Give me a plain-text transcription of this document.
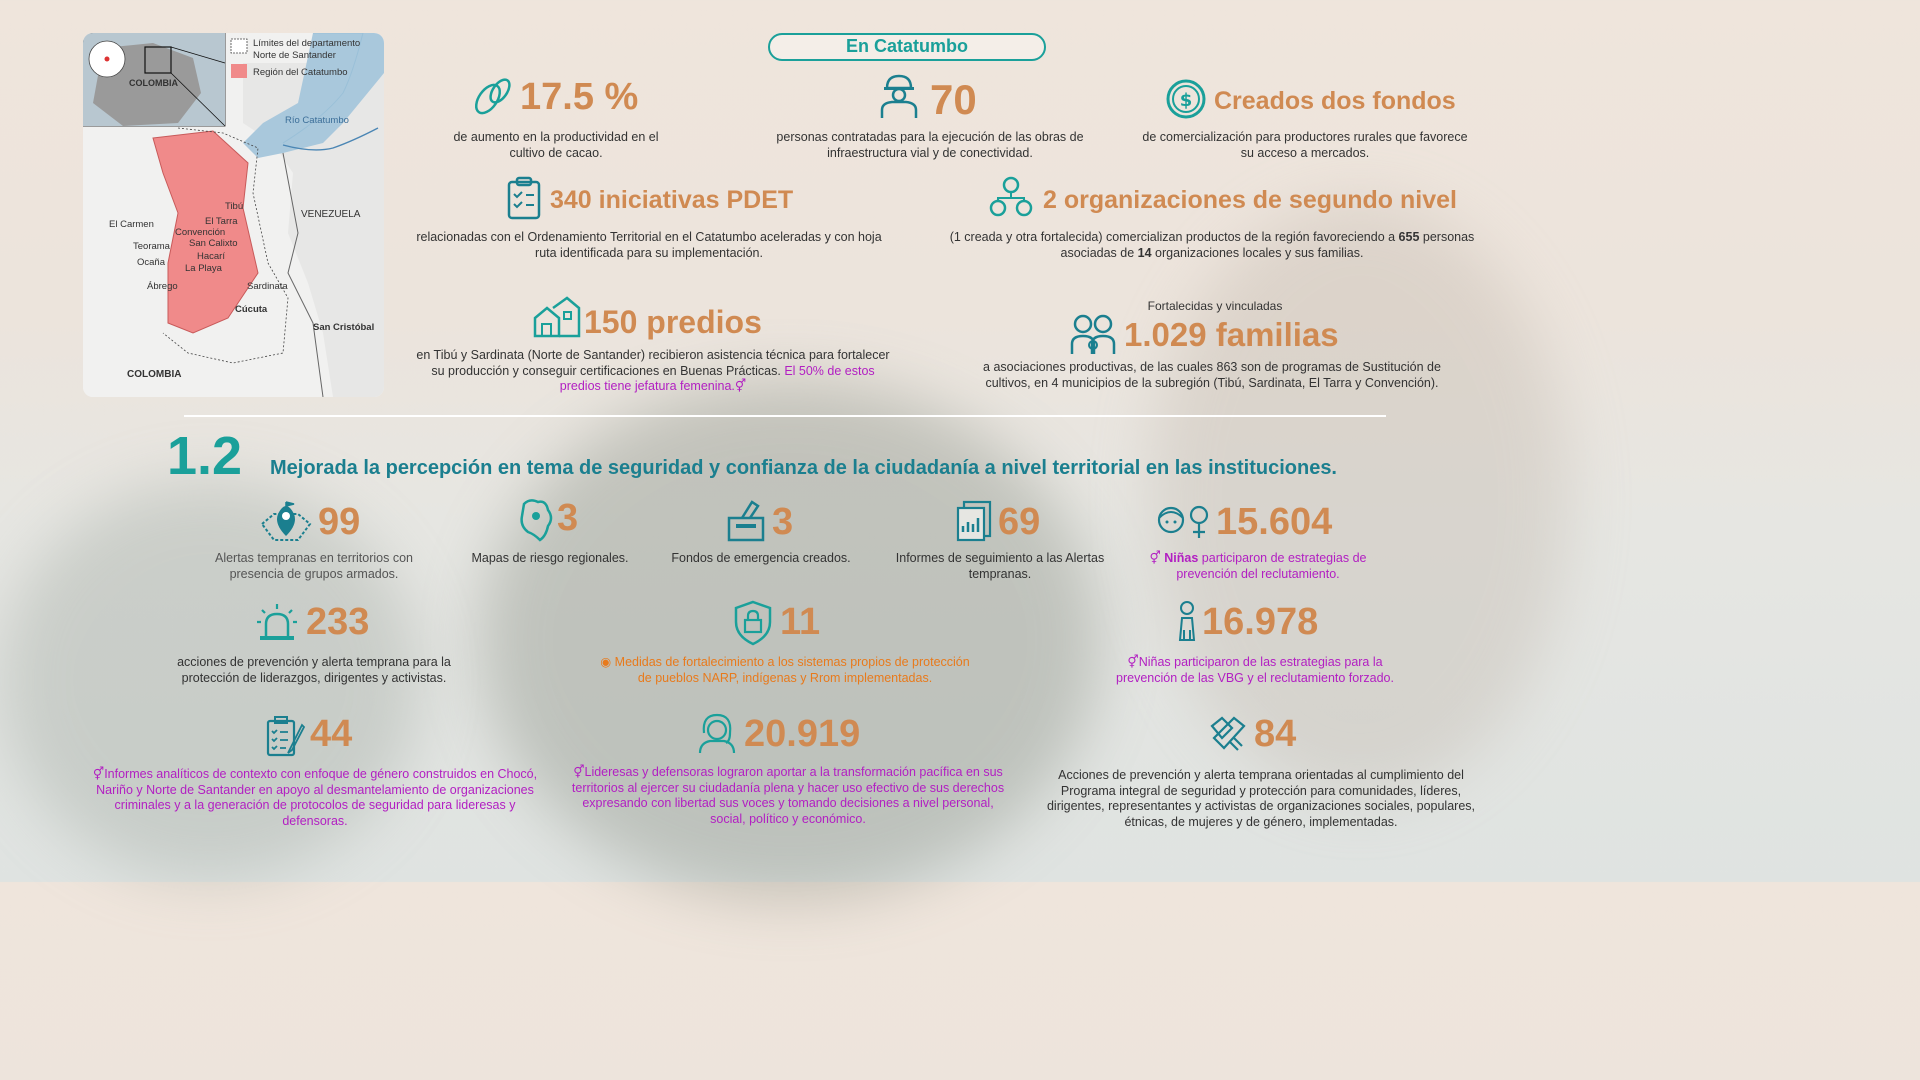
Límites del departamento
Norte de Santander
Región del Catatumbo
COLOMBIA
Río Catatumbo
VENEZUELA
COLOMBIA
Tibú
El Tarra
El Carmen
Convención
Teorama San Calixto
Hacarí
Ocaña
La Playa
Ábrego	Sardinata
Cúcuta
San Cristóbal
En Catatumbo
17.5 %
de aumento en la productividad en el cultivo de cacao.
70
personas contratadas para la ejecución de las obras de infraestructura vial y de conectividad.
$ Creados dos fondos
de comercialización para productores rurales que favorece su acceso a mercados.
340 iniciativas PDET
relacionadas con el Ordenamiento Territorial en el Catatumbo aceleradas y con hoja ruta identificada para su implementación.
2 organizaciones de segundo nivel
(1 creada y otra fortalecida) comercializan productos de la región favoreciendo a 655 personas asociadas de 14 organizaciones locales y sus familias.
150 predios
en Tibú y Sardinata (Norte de Santander) recibieron asistencia técnica para fortalecer su producción y conseguir certificaciones en Buenas Prácticas. El 50% de estos predios tiene jefatura femenina.⚥
Fortalecidas y vinculadas
1.029 familias
a asociaciones productivas, de las cuales 863 son de programas de Sustitución de cultivos, en 4 municipios de la subregión (Tibú, Sardinata, El Tarra y Convención).
1.2 Mejorada la percepción en tema de seguridad y confianza de la ciudadanía a nivel territorial en las instituciones.
99
Alertas tempranas en territorios con presencia de grupos armados.
3
Mapas de riesgo regionales.
3
Fondos de emergencia creados.
69
Informes de seguimiento a las Alertas tempranas.
15.604
⚥ Niñas participaron de estrategias de prevención del reclutamiento.
233
acciones de prevención y alerta temprana para la protección de liderazgos, dirigentes y activistas.
11
◉ Medidas de fortalecimiento a los sistemas propios de protección de pueblos NARP, indígenas y Rrom implementadas.
16.978
⚥Niñas participaron de las estrategias para la prevención de las VBG y el reclutamiento forzado.
44
⚥Informes analíticos de contexto con enfoque de género construidos en Chocó, Nariño y Norte de Santander en apoyo al desmantelamiento de organizaciones criminales y a la generación de protocolos de seguridad para lideresas y defensoras.
20.919
⚥Lideresas y defensoras lograron aportar a la transformación pacífica en sus territorios al ejercer su ciudadanía plena y hacer uso efectivo de sus derechos expresando con libertad sus voces y tomando decisiones a nivel personal, social, político y económico.
84
Acciones de prevención y alerta temprana orientadas al cumplimiento del Programa integral de seguridad y protección para comunidades, líderes, dirigentes, representantes y activistas de organizaciones sociales, populares, étnicas, de mujeres y de género, implementadas.
